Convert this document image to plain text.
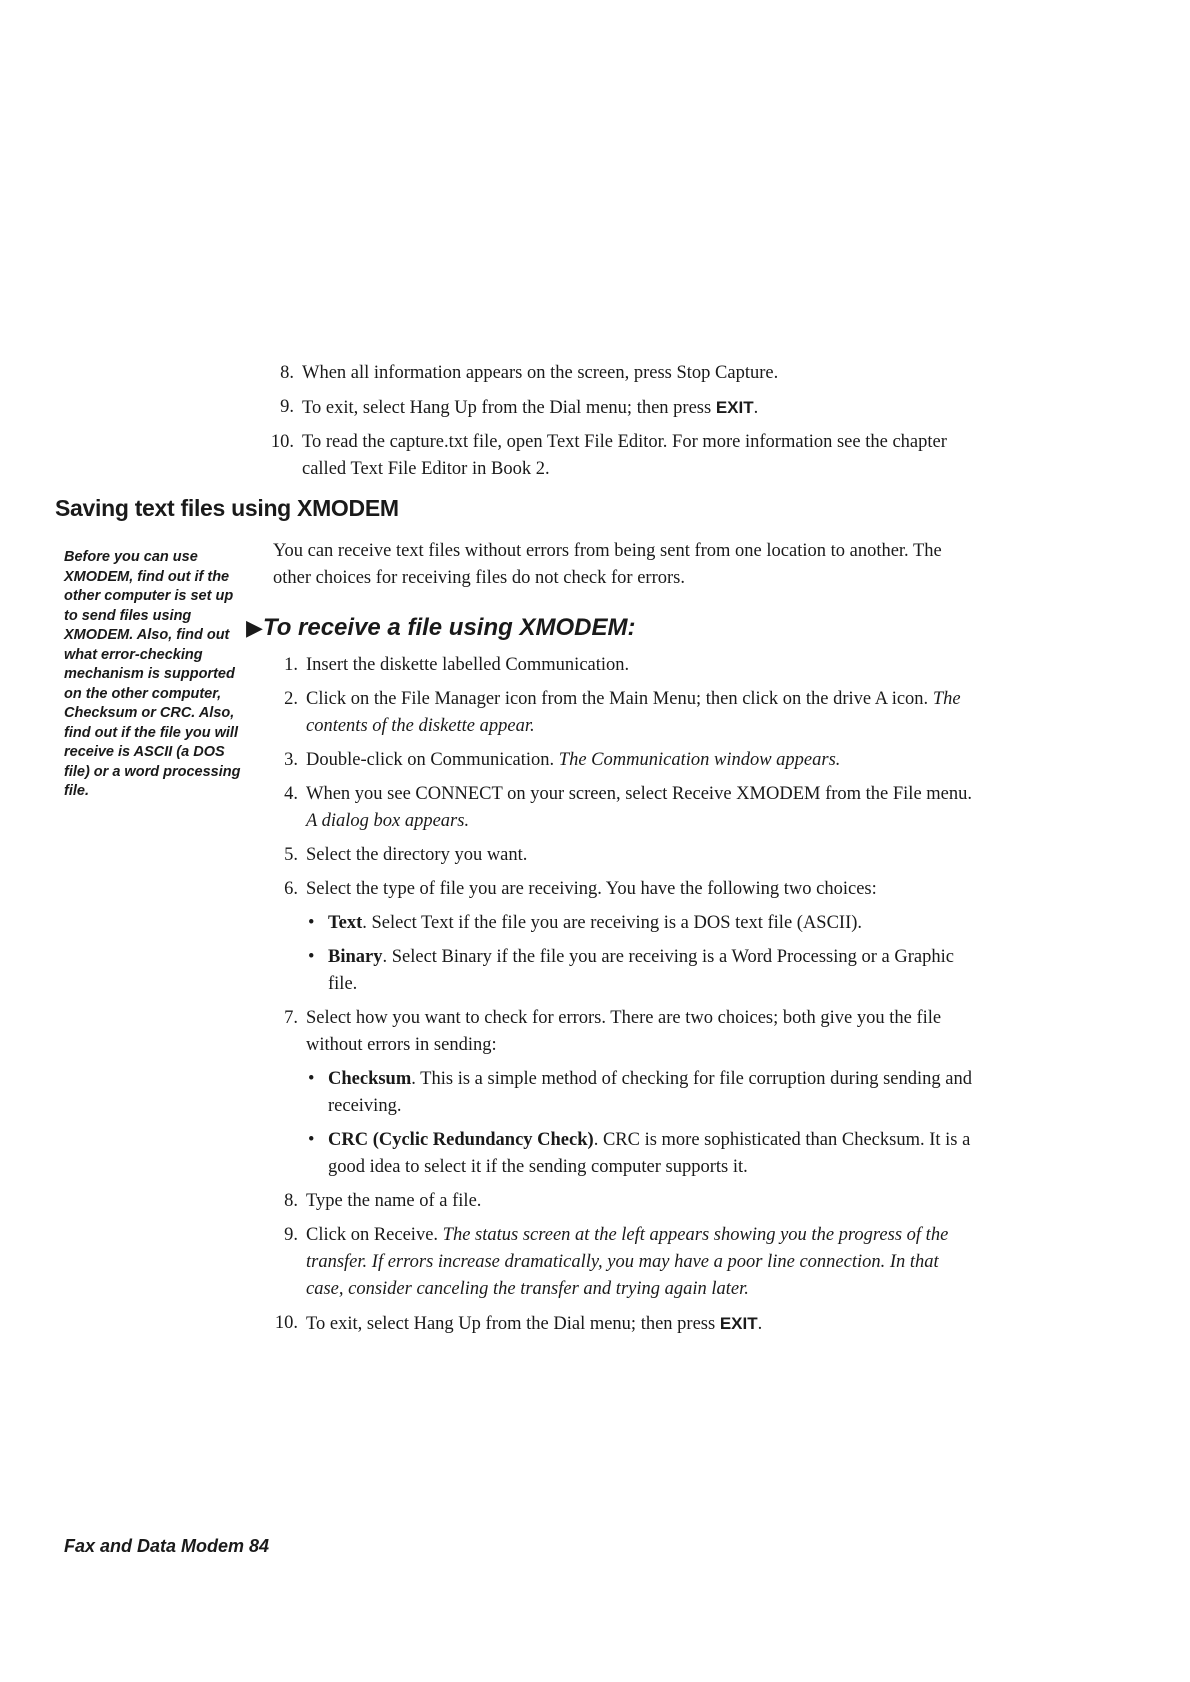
8. When all information appears on the screen, press Stop Capture.
9. To exit, select Hang Up from the Dial menu; then press EXIT.
10. To read the capture.txt file, open Text File Editor. For more information see the chapter called Text File Editor in Book 2.
Saving text files using XMODEM
Before you can use XMODEM, find out if the other computer is set up to send files using XMODEM. Also, find out what error-checking mechanism is supported on the other computer, Checksum or CRC. Also, find out if the file you will receive is ASCII (a DOS file) or a word processing file.

You can receive text files without errors from being sent from one location to another. The other choices for receiving files do not check for errors.

▶To receive a file using XMODEM:
1. Insert the diskette labelled Communication.
2. Click on the File Manager icon from the Main Menu; then click on the drive A icon. The contents of the diskette appear.
3. Double-click on Communication. The Communication window appears.
4. When you see CONNECT on your screen, select Receive XMODEM from the File menu. A dialog box appears.
5. Select the directory you want.
6. Select the type of file you are receiving. You have the following two choices:
• Text. Select Text if the file you are receiving is a DOS text file (ASCII).
• Binary. Select Binary if the file you are receiving is a Word Processing or a Graphic file.
7. Select how you want to check for errors. There are two choices; both give you the file without errors in sending:
• Checksum. This is a simple method of checking for file corruption during sending and receiving.
• CRC (Cyclic Redundancy Check). CRC is more sophisticated than Checksum. It is a good idea to select it if the sending computer supports it.
8. Type the name of a file.
9. Click on Receive. The status screen at the left appears showing you the progress of the transfer. If errors increase dramatically, you may have a poor line connection. In that case, consider canceling the transfer and trying again later.
10. To exit, select Hang Up from the Dial menu; then press EXIT.
Fax and Data Modem 84
